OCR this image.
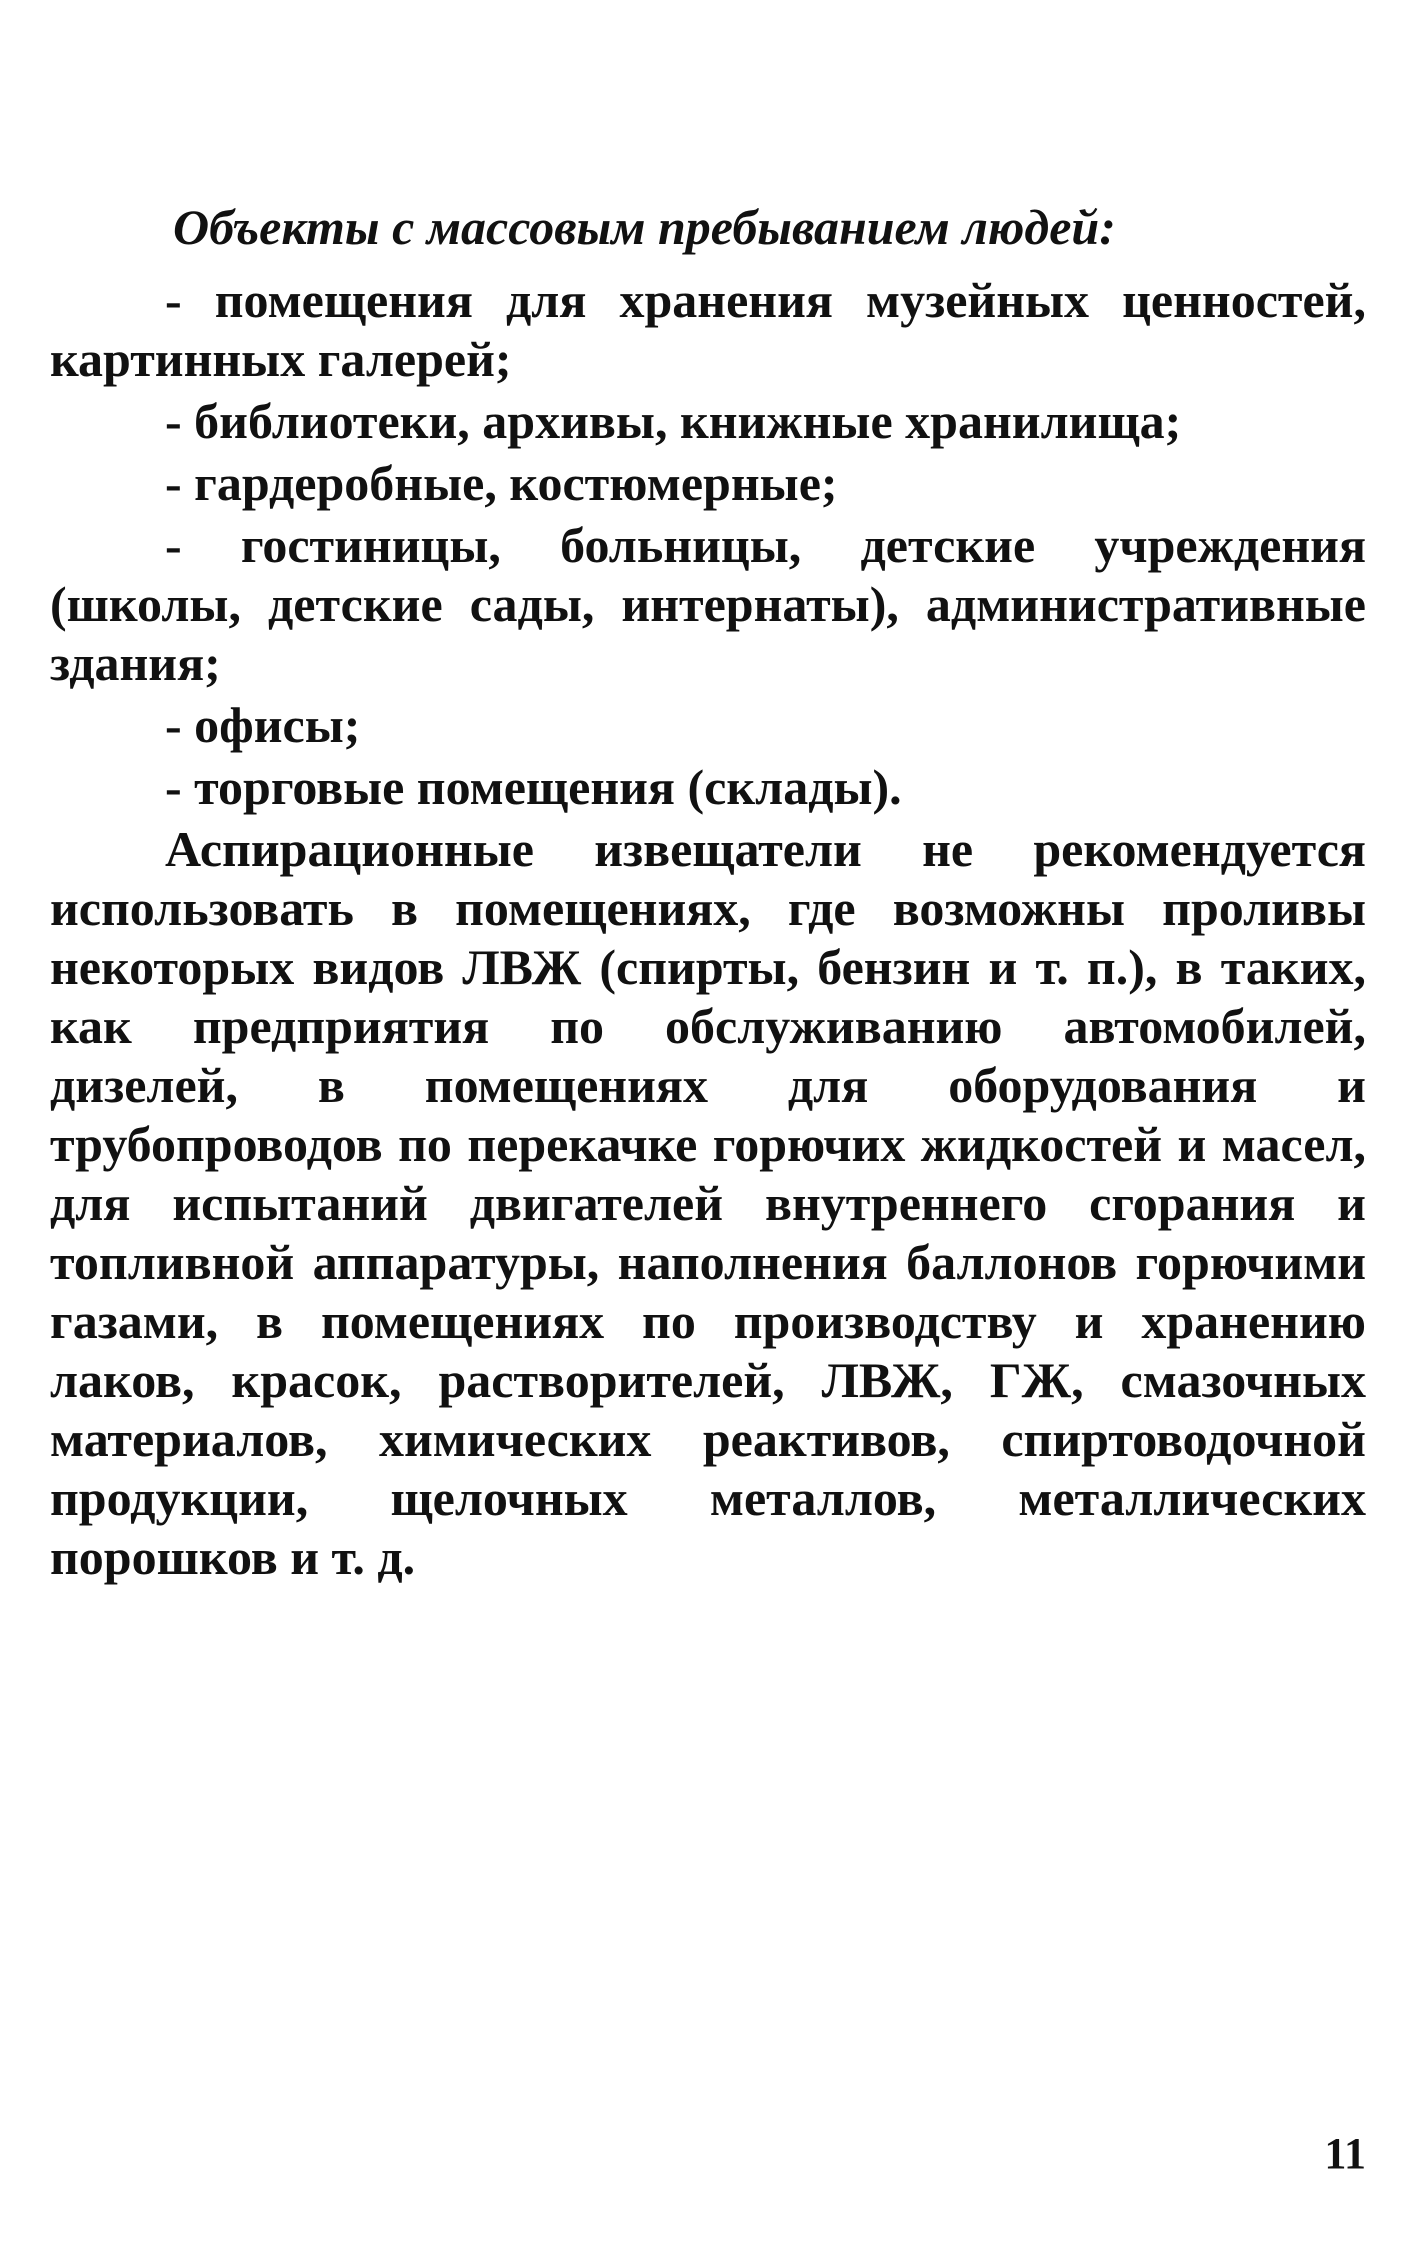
Объекты с массовым пребыванием людей:

- помещения для хранения музейных ценностей, картинных галерей;

- библиотеки, архивы, книжные хранилища;

- гардеробные, костюмерные;

- гостиницы, больницы, детские учреждения (школы, детские сады, интернаты), административные здания;

- офисы;

- торговые помещения (склады).

Аспирационные извещатели не рекомендуется использовать в помещениях, где возможны проливы некоторых видов ЛВЖ (спирты, бензин и т. п.), в таких, как предприятия по обслуживанию автомобилей, дизелей, в помещениях для оборудования и трубопроводов по перекачке горючих жидкостей и масел, для испытаний двигателей внутреннего сгорания и топливной аппаратуры, наполнения баллонов горючими газами, в помещениях по производству и хранению лаков, красок, растворителей, ЛВЖ, ГЖ, смазочных материалов, химических реактивов, спиртоводочной продукции, щелочных металлов, металлических порошков и т. д.

11
